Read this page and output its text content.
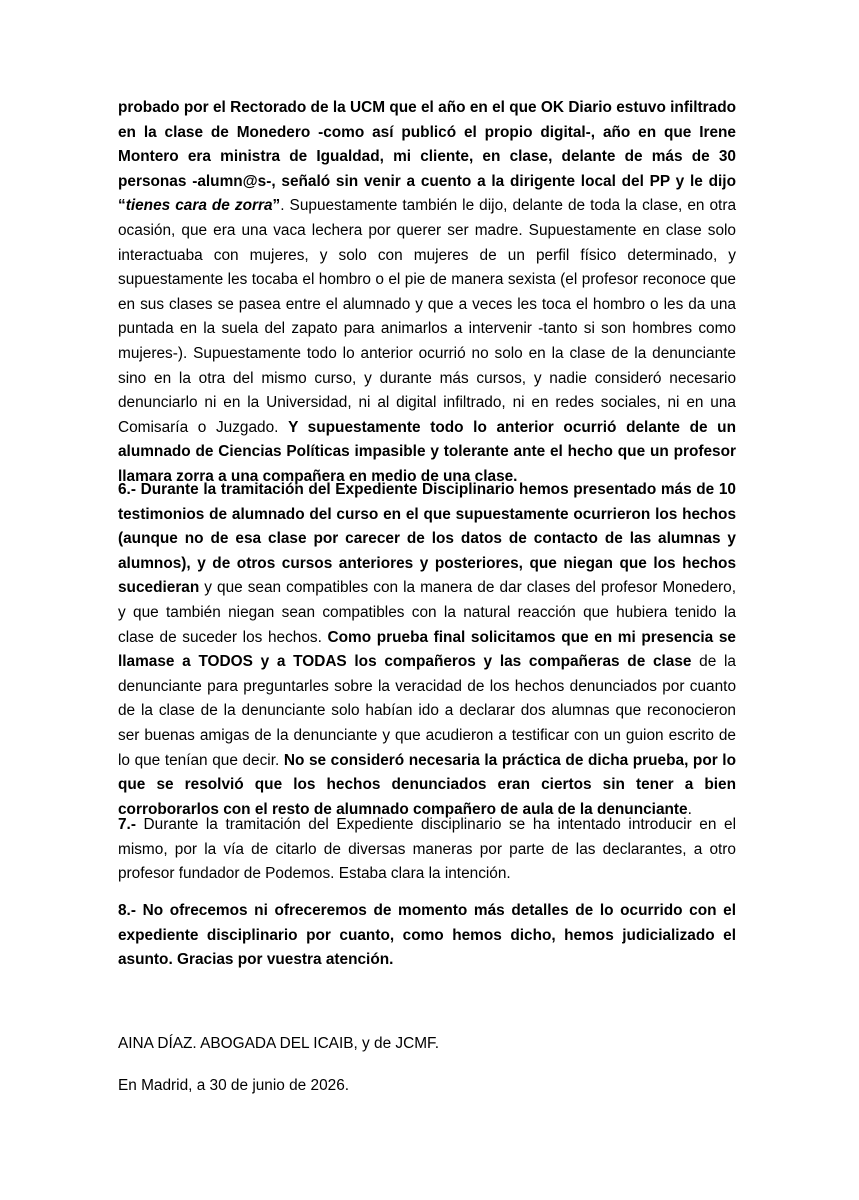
probado por el Rectorado de la UCM que el año en el que OK Diario estuvo infiltrado en la clase de Monedero -como así publicó el propio digital-, año en que Irene Montero era ministra de Igualdad, mi cliente, en clase, delante de más de 30 personas -alumn@s-, señaló sin venir a cuento a la dirigente local del PP y le dijo “tienes cara de zorra”. Supuestamente también le dijo, delante de toda la clase, en otra ocasión, que era una vaca lechera por querer ser madre. Supuestamente en clase solo interactuaba con mujeres, y solo con mujeres de un perfil físico determinado, y supuestamente les tocaba el hombro o el pie de manera sexista (el profesor reconoce que en sus clases se pasea entre el alumnado y que a veces les toca el hombro o les da una puntada en la suela del zapato para animarlos a intervenir -tanto si son hombres como mujeres-). Supuestamente todo lo anterior ocurrió no solo en la clase de la denunciante sino en la otra del mismo curso, y durante más cursos, y nadie consideró necesario denunciarlo ni en la Universidad, ni al digital infiltrado, ni en redes sociales, ni en una Comisaría o Juzgado. Y supuestamente todo lo anterior ocurrió delante de un alumnado de Ciencias Políticas impasible y tolerante ante el hecho que un profesor llamara zorra a una compañera en medio de una clase.

6.- Durante la tramitación del Expediente Disciplinario hemos presentado más de 10 testimonios de alumnado del curso en el que supuestamente ocurrieron los hechos (aunque no de esa clase por carecer de los datos de contacto de las alumnas y alumnos), y de otros cursos anteriores y posteriores, que niegan que los hechos sucedieran y que sean compatibles con la manera de dar clases del profesor Monedero, y que también niegan sean compatibles con la natural reacción que hubiera tenido la clase de suceder los hechos. Como prueba final solicitamos que en mi presencia se llamase a TODOS y a TODAS los compañeros y las compañeras de clase de la denunciante para preguntarles sobre la veracidad de los hechos denunciados por cuanto de la clase de la denunciante solo habían ido a declarar dos alumnas que reconocieron ser buenas amigas de la denunciante y que acudieron a testificar con un guion escrito de lo que tenían que decir. No se consideró necesaria la práctica de dicha prueba, por lo que se resolvió que los hechos denunciados eran ciertos sin tener a bien corroborarlos con el resto de alumnado compañero de aula de la denunciante.

7.- Durante la tramitación del Expediente disciplinario se ha intentado introducir en el mismo, por la vía de citarlo de diversas maneras por parte de las declarantes, a otro profesor fundador de Podemos. Estaba clara la intención.

8.- No ofrecemos ni ofreceremos de momento más detalles de lo ocurrido con el expediente disciplinario por cuanto, como hemos dicho, hemos judicializado el asunto. Gracias por vuestra atención.

AINA DÍAZ. ABOGADA DEL ICAIB, y de JCMF.

En Madrid, a 30 de junio de 2026.
